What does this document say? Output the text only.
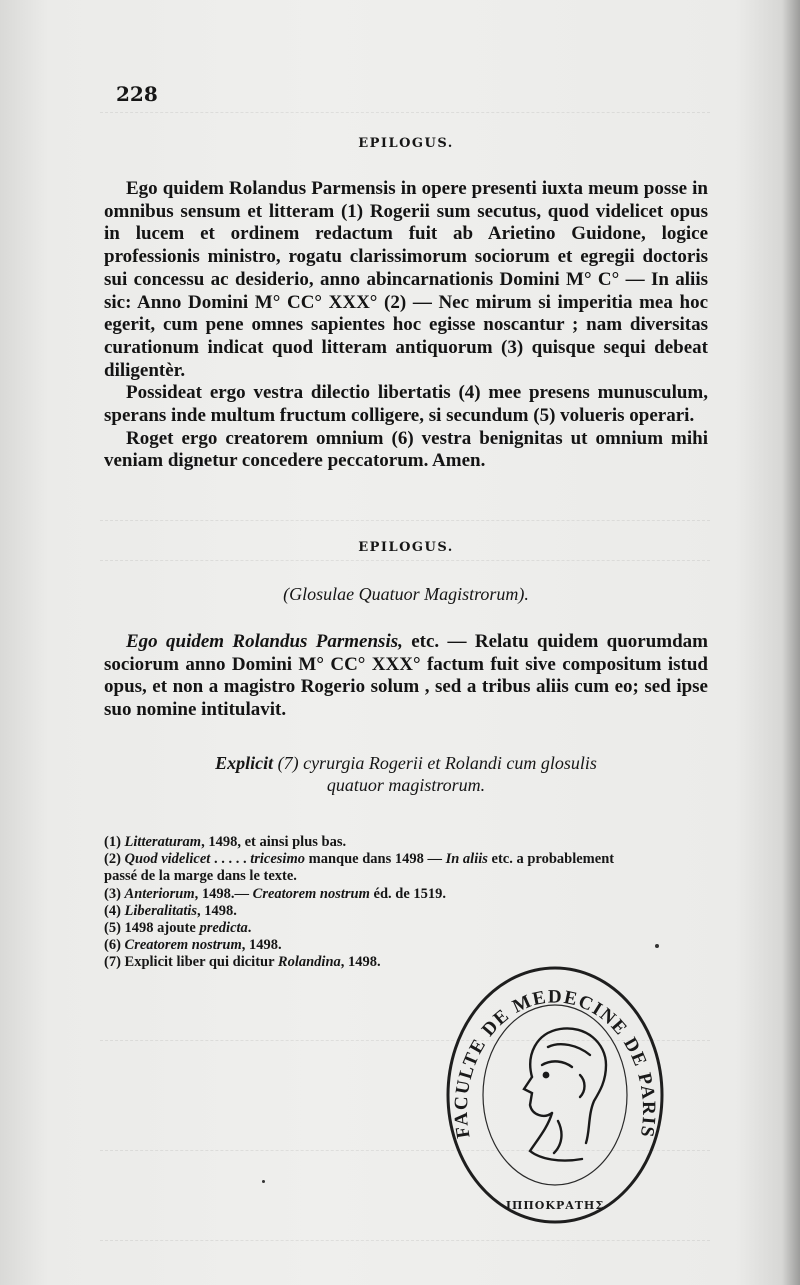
228
EPILOGUS.

Ego quidem Rolandus Parmensis in opere presenti iuxta meum posse in omnibus sensum et litteram (1) Rogerii sum secutus, quod videlicet opus in lucem et ordinem redactum fuit ab Arietino Guidone, logice professionis ministro, rogatu clarissimorum sociorum et egregii doctoris sui concessu ac desiderio, anno abincarnationis Domini M° C° — In aliis sic: Anno Domini M° CC° XXX° (2) — Nec mirum si imperitia mea hoc egerit, cum pene omnes sapientes hoc egisse noscantur ; nam diversitas curationum indicat quod litteram antiquorum (3) quisque sequi debeat diligentèr.

Possideat ergo vestra dilectio libertatis (4) mee presens munusculum, sperans inde multum fructum colligere, si secundum (5) volueris operari.

Roget ergo creatorem omnium (6) vestra benignitas ut omnium mihi veniam dignetur concedere peccatorum. Amen.

EPILOGUS.
(Glosulae Quatuor Magistrorum).

Ego quidem Rolandus Parmensis, etc. — Relatu quidem quorumdam sociorum anno Domini M° CC° XXX° factum fuit sive compositum istud opus, et non a magistro Rogerio solum , sed a tribus aliis cum eo; sed ipse suo nomine intitulavit.

Explicit (7) cyrurgia Rogerii et Rolandi cum glosulis
quatuor magistrorum.

(1) Litteraturam, 1498, et ainsi plus bas.

(2) Quod videlicet . . . . . tricesimo manque dans 1498 — In aliis etc. a probablement passé de la marge dans le texte.

(3) Anteriorum, 1498.— Creatorem nostrum éd. de 1519.

(4) Liberalitatis, 1498.

(5) 1498 ajoute predicta.

(6) Creatorem nostrum, 1498.

(7) Explicit liber qui dicitur Rolandina, 1498.

FACULTE DE MEDECINE DE PARIS
ΙΠΠΟΚΡΑΤΗΣ
